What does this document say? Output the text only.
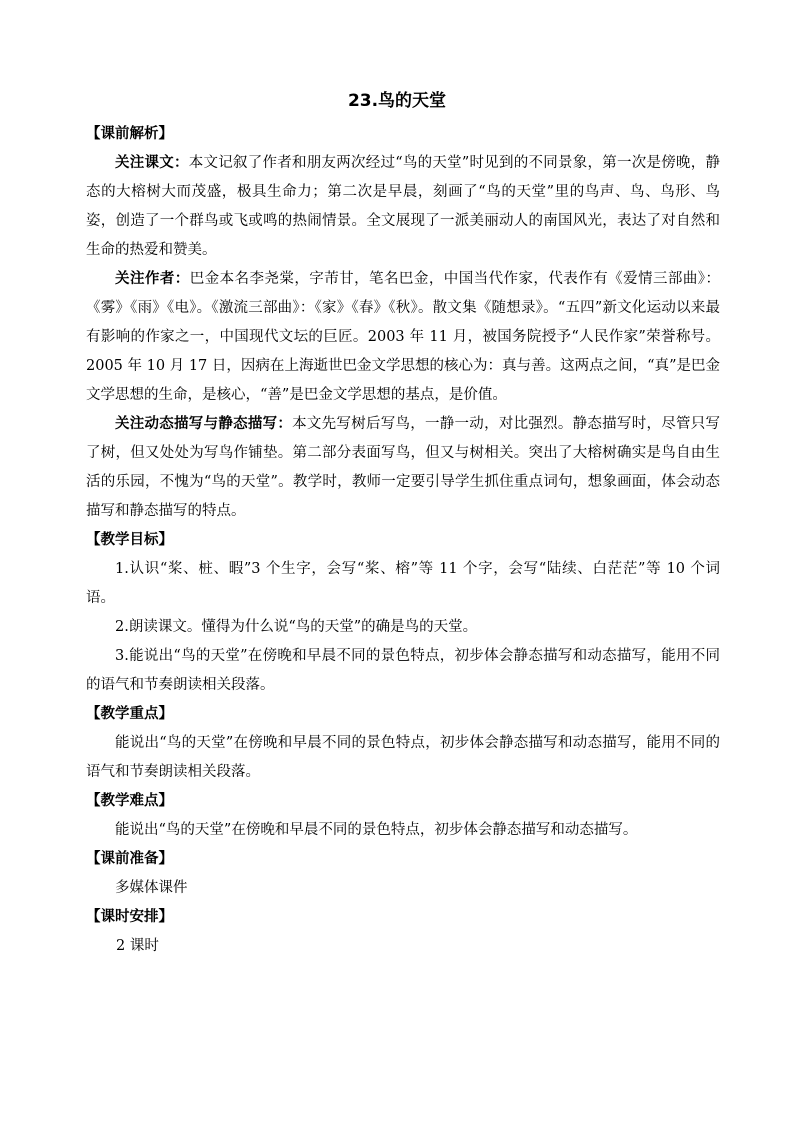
23.鸟的天堂

【课前解析】

关注课文：本文记叙了作者和朋友两次经过“鸟的天堂”时见到的不同景象，第一次是傍晚，静态的大榕树大而茂盛，极具生命力；第二次是早晨，刻画了“鸟的天堂”里的鸟声、鸟、鸟形、鸟姿，创造了一个群鸟或飞或鸣的热闹情景。全文展现了一派美丽动人的南国风光，表达了对自然和生命的热爱和赞美。

关注作者：巴金本名李尧棠，字芾甘，笔名巴金，中国当代作家，代表作有《爱情三部曲》：《雾》《雨》《电》。《激流三部曲》：《家》《春》《秋》。散文集《随想录》。“五四”新文化运动以来最有影响的作家之一，中国现代文坛的巨匠。2003 年 11 月，被国务院授予“人民作家”荣誉称号。2005 年 10 月 17 日，因病在上海逝世巴金文学思想的核心为：真与善。这两点之间，“真”是巴金文学思想的生命，是核心，“善”是巴金文学思想的基点，是价值。

关注动态描写与静态描写：本文先写树后写鸟，一静一动，对比强烈。静态描写时，尽管只写了树，但又处处为写鸟作铺垫。第二部分表面写鸟，但又与树相关。突出了大榕树确实是鸟自由生活的乐园，不愧为“鸟的天堂”。教学时，教师一定要引导学生抓住重点词句，想象画面，体会动态描写和静态描写的特点。

【教学目标】

1.认识“桨、桩、暇”3 个生字，会写“桨、榕”等 11 个字，会写“陆续、白茫茫”等 10 个词语。

2.朗读课文。懂得为什么说“鸟的天堂”的确是鸟的天堂。

3.能说出“鸟的天堂”在傍晚和早晨不同的景色特点，初步体会静态描写和动态描写，能用不同的语气和节奏朗读相关段落。

【教学重点】

能说出“鸟的天堂”在傍晚和早晨不同的景色特点，初步体会静态描写和动态描写，能用不同的语气和节奏朗读相关段落。

【教学难点】

能说出“鸟的天堂”在傍晚和早晨不同的景色特点，初步体会静态描写和动态描写。

【课前准备】

多媒体课件

【课时安排】

2 课时
